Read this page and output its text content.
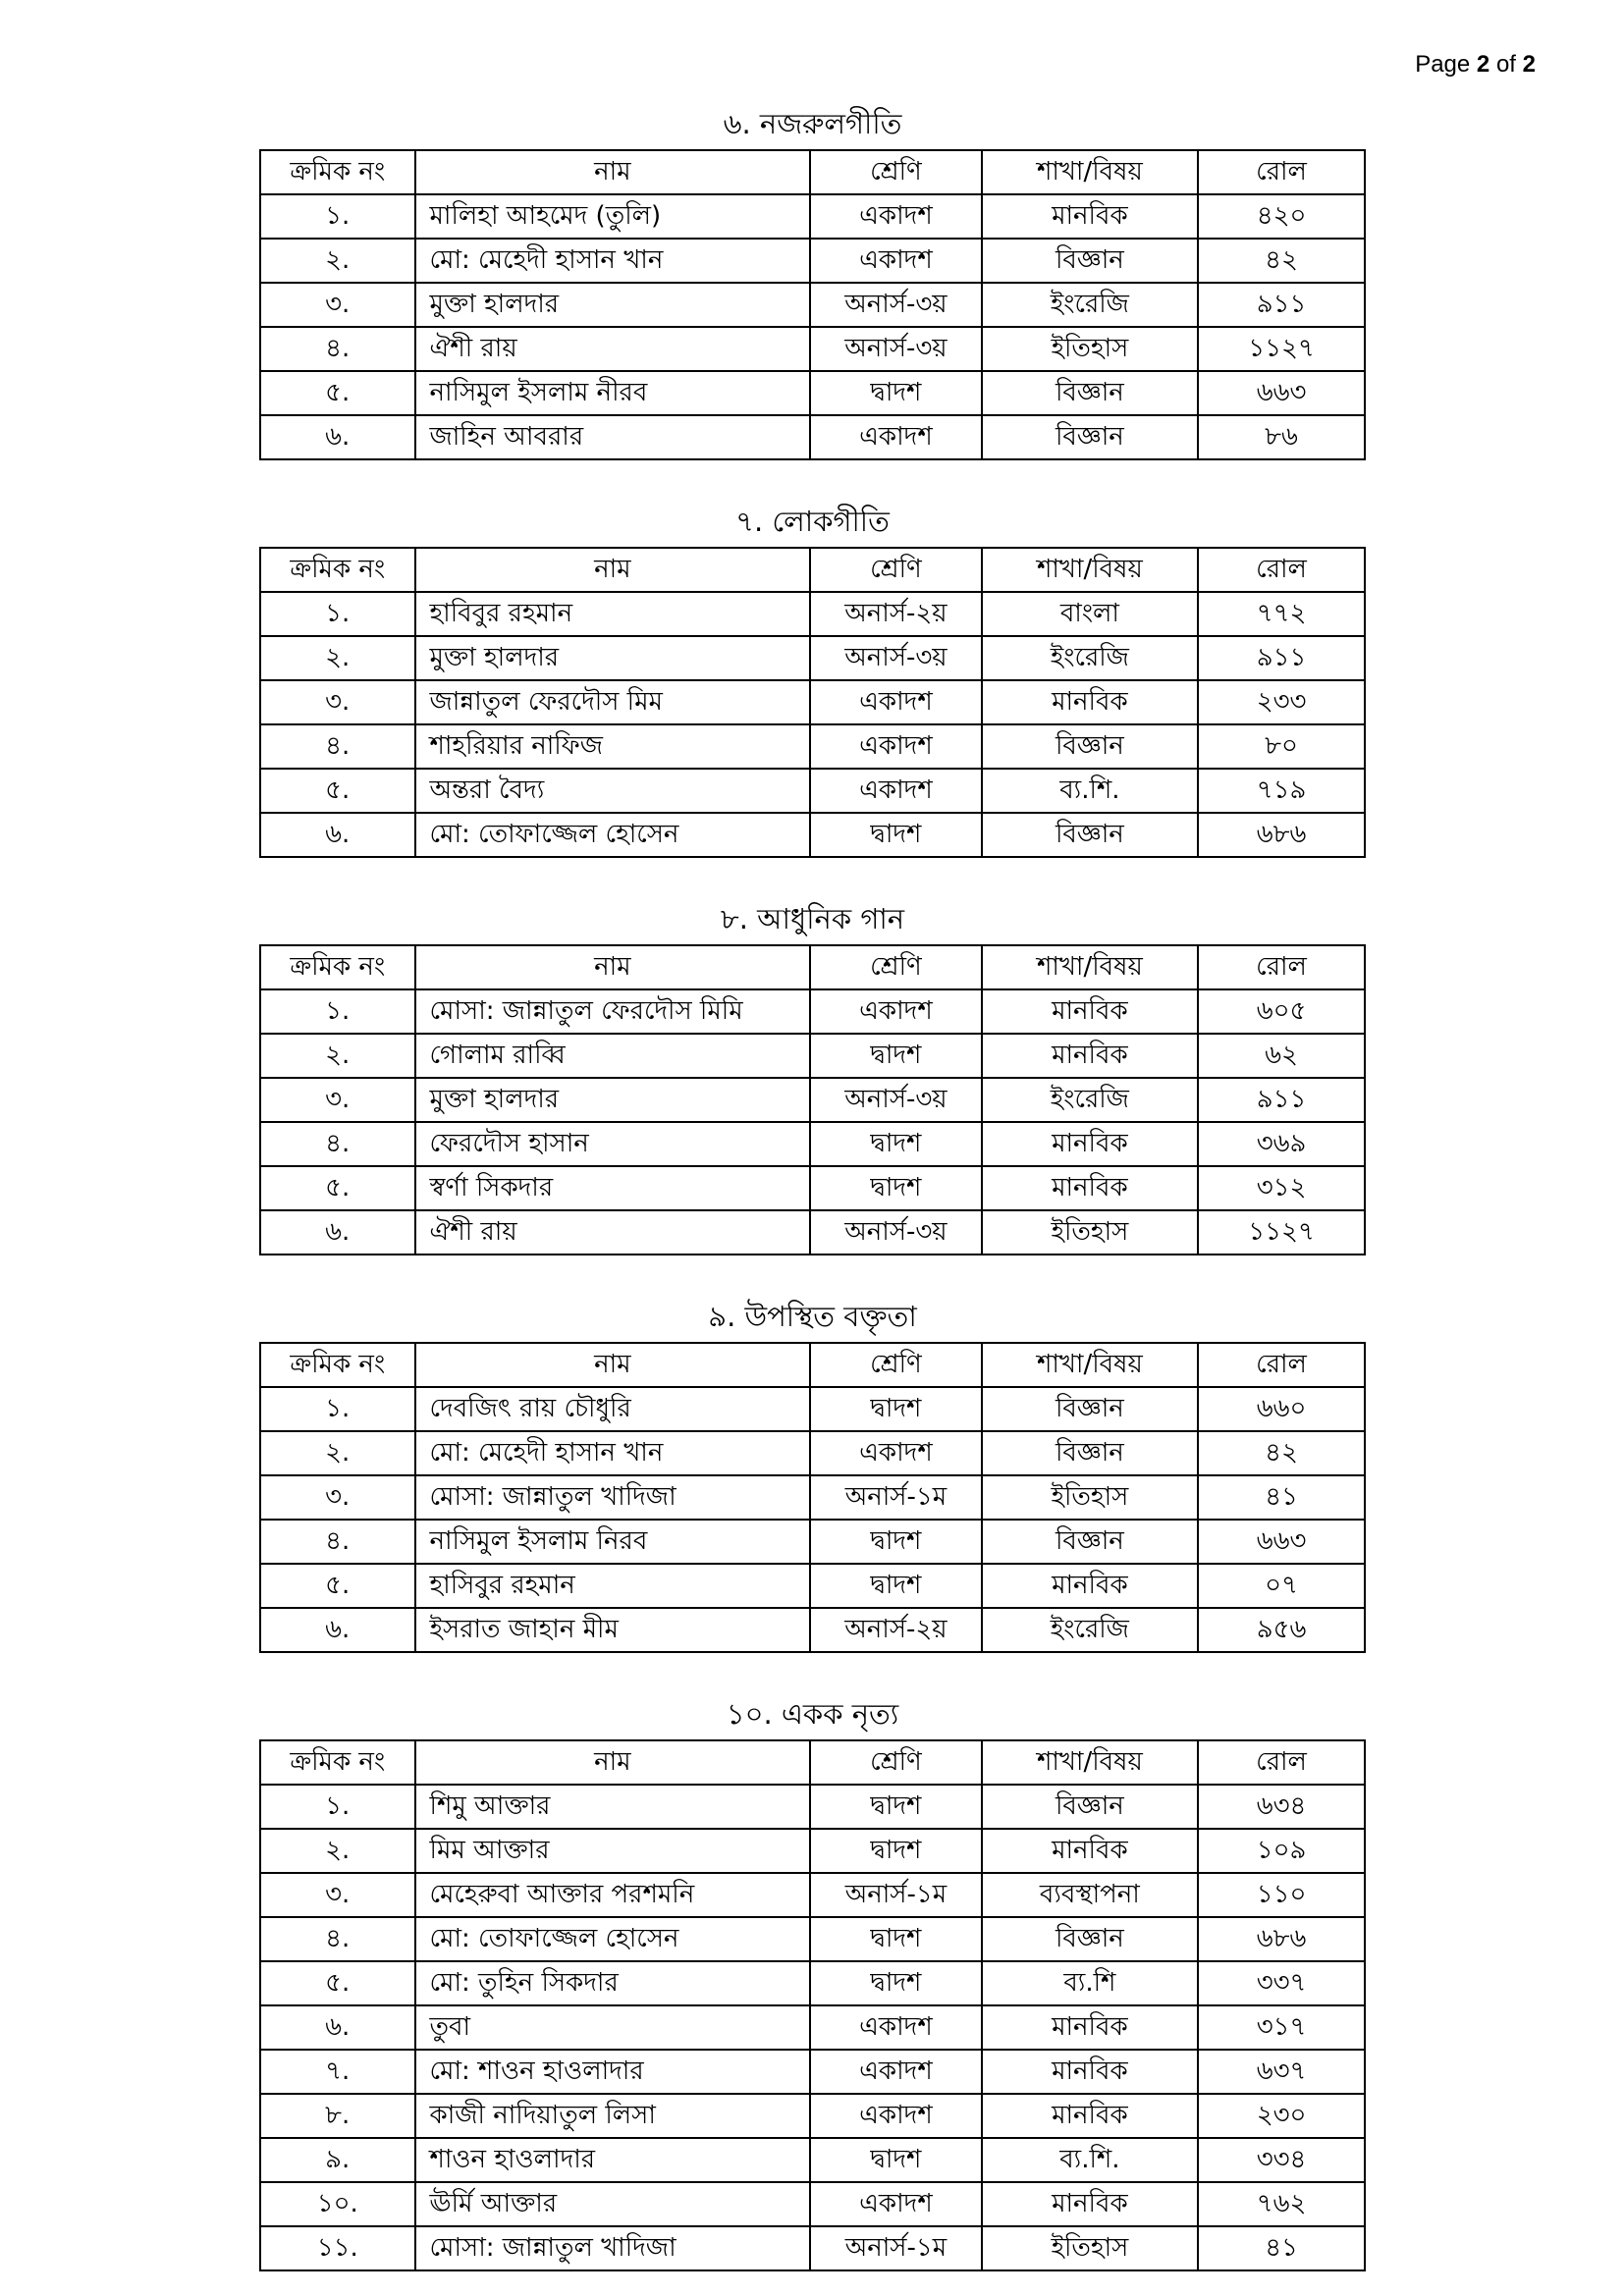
Page 2 of 2
৬. নজরুলগীতি
ক্রমিক নং	নাম	শ্রেণি	শাখা/বিষয়	রোল
১.	মালিহা আহমেদ (তুলি)	একাদশ	মানবিক	৪২০
২.	মো: মেহেদী হাসান খান	একাদশ	বিজ্ঞান	৪২
৩.	মুক্তা হালদার	অনার্স-৩য়	ইংরেজি	৯১১
৪.	ঐশী রায়	অনার্স-৩য়	ইতিহাস	১১২৭
৫.	নাসিমুল ইসলাম নীরব	দ্বাদশ	বিজ্ঞান	৬৬৩
৬.	জাহিন আবরার	একাদশ	বিজ্ঞান	৮৬
৭. লোকগীতি
ক্রমিক নং	নাম	শ্রেণি	শাখা/বিষয়	রোল
১.	হাবিবুর রহমান	অনার্স-২য়	বাংলা	৭৭২
২.	মুক্তা হালদার	অনার্স-৩য়	ইংরেজি	৯১১
৩.	জান্নাতুল ফেরদৌস মিম	একাদশ	মানবিক	২৩৩
৪.	শাহরিয়ার নাফিজ	একাদশ	বিজ্ঞান	৮০
৫.	অন্তরা বৈদ্য	একাদশ	ব্য.শি.	৭১৯
৬.	মো: তোফাজ্জেল হোসেন	দ্বাদশ	বিজ্ঞান	৬৮৬
৮. আধুনিক গান
ক্রমিক নং	নাম	শ্রেণি	শাখা/বিষয়	রোল
১.	মোসা: জান্নাতুল ফেরদৌস মিমি	একাদশ	মানবিক	৬০৫
২.	গোলাম রাব্বি	দ্বাদশ	মানবিক	৬২
৩.	মুক্তা হালদার	অনার্স-৩য়	ইংরেজি	৯১১
৪.	ফেরদৌস হাসান	দ্বাদশ	মানবিক	৩৬৯
৫.	স্বর্ণা সিকদার	দ্বাদশ	মানবিক	৩১২
৬.	ঐশী রায়	অনার্স-৩য়	ইতিহাস	১১২৭
৯. উপস্থিত বক্তৃতা
ক্রমিক নং	নাম	শ্রেণি	শাখা/বিষয়	রোল
১.	দেবজিৎ রায় চৌধুরি	দ্বাদশ	বিজ্ঞান	৬৬০
২.	মো: মেহেদী হাসান খান	একাদশ	বিজ্ঞান	৪২
৩.	মোসা: জান্নাতুল খাদিজা	অনার্স-১ম	ইতিহাস	৪১
৪.	নাসিমুল ইসলাম নিরব	দ্বাদশ	বিজ্ঞান	৬৬৩
৫.	হাসিবুর রহমান	দ্বাদশ	মানবিক	০৭
৬.	ইসরাত জাহান মীম	অনার্স-২য়	ইংরেজি	৯৫৬
১০. একক নৃত্য
ক্রমিক নং	নাম	শ্রেণি	শাখা/বিষয়	রোল
১.	শিমু আক্তার	দ্বাদশ	বিজ্ঞান	৬৩৪
২.	মিম আক্তার	দ্বাদশ	মানবিক	১০৯
৩.	মেহেরুবা আক্তার পরশমনি	অনার্স-১ম	ব্যবস্থাপনা	১১০
৪.	মো: তোফাজ্জেল হোসেন	দ্বাদশ	বিজ্ঞান	৬৮৬
৫.	মো: তুহিন সিকদার	দ্বাদশ	ব্য.শি	৩৩৭
৬.	তুবা	একাদশ	মানবিক	৩১৭
৭.	মো: শাওন হাওলাদার	একাদশ	মানবিক	৬৩৭
৮.	কাজী নাদিয়াতুল লিসা	একাদশ	মানবিক	২৩০
৯.	শাওন হাওলাদার	দ্বাদশ	ব্য.শি.	৩৩৪
১০.	ঊর্মি আক্তার	একাদশ	মানবিক	৭৬২
১১.	মোসা: জান্নাতুল খাদিজা	অনার্স-১ম	ইতিহাস	৪১
